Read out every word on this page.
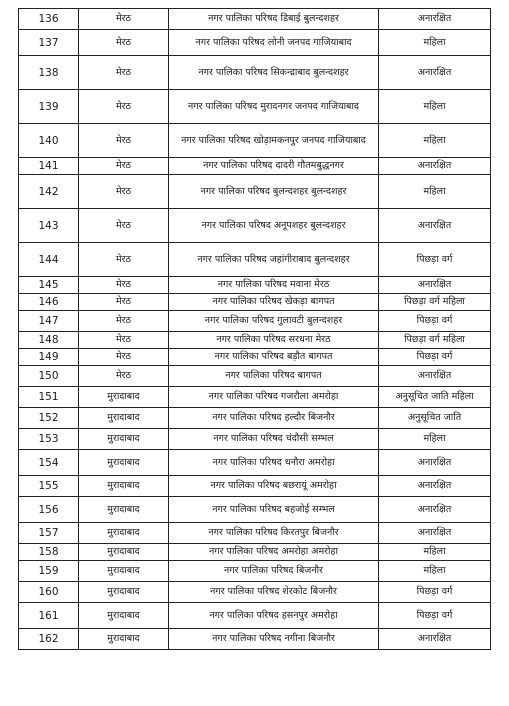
136	मेरठ	नगर पालिका परिषद डिबाई बुलन्दशहर	अनारक्षित
137	मेरठ	नगर पालिका परिषद लोनी जनपद गाजियाबाद	महिला
138	मेरठ	नगर पालिका परिषद सिकन्द्राबाद बुलन्दशहर	अनारक्षित
139	मेरठ	नगर पालिका परिषद मुरादनगर जनपद गाजियाबाद	महिला
140	मेरठ	नगर पालिका परिषद खोड़ामकनपुर जनपद गाजियाबाद	महिला
141	मेरठ	नगर पालिका परिषद दादरी गौतमबुद्धनगर	अनारक्षित
142	मेरठ	नगर पालिका परिषद बुलन्दशहर बुलन्दशहर	महिला
143	मेरठ	नगर पालिका परिषद अनूपशहर बुलन्दशहर	अनारक्षित
144	मेरठ	नगर पालिका परिषद जहांगीराबाद बुलन्दशहर	पिछड़ा वर्ग
145	मेरठ	नगर पालिका परिषद मवाना मेरठ	अनारक्षित
146	मेरठ	नगर पालिका परिषद खेकड़ा बागपत	पिछड़ा वर्ग महिला
147	मेरठ	नगर पालिका परिषद गुलावटी बुलन्दशहर	पिछड़ा वर्ग
148	मेरठ	नगर पालिका परिषद सरधना मेरठ	पिछड़ा वर्ग महिला
149	मेरठ	नगर पालिका परिषद बड़ौत बागपत	पिछड़ा वर्ग
150	मेरठ	नगर पालिका परिषद बागपत	अनारक्षित
151	मुरादाबाद	नगर पालिका परिषद गजरौला अमरोहा	अनुसूचित जाति महिला
152	मुरादाबाद	नगर पालिका परिषद हल्दौर बिजनौर	अनुसूचित जाति
153	मुरादाबाद	नगर पालिका परिषद चंदौसी सम्भल	महिला
154	मुरादाबाद	नगर पालिका परिषद धनौरा अमरोहा	अनारक्षित
155	मुरादाबाद	नगर पालिका परिषद बछरायूं अमरोहा	अनारक्षित
156	मुरादाबाद	नगर पालिका परिषद बहजोई सम्भल	अनारक्षित
157	मुरादाबाद	नगर पालिका परिषद किरतपुर बिजनौर	अनारक्षित
158	मुरादाबाद	नगर पालिका परिषद अमरोहा अमरोहा	महिला
159	मुरादाबाद	नगर पालिका परिषद बिजनौर	महिला
160	मुरादाबाद	नगर पालिका परिषद शेरकोट बिजनौर	पिछड़ा वर्ग
161	मुरादाबाद	नगर पालिका परिषद हसनपुर अमरोहा	पिछड़ा वर्ग
162	मुरादाबाद	नगर पालिका परिषद नगीना बिजनौर	अनारक्षित
